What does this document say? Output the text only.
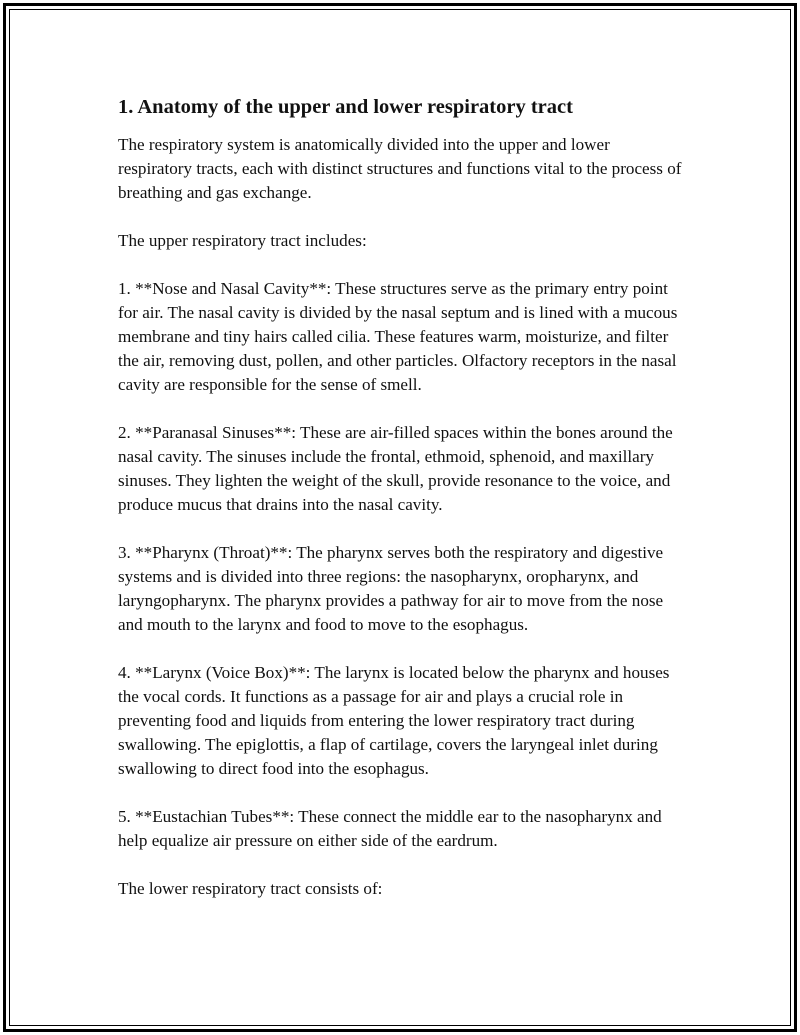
1. Anatomy of the upper and lower respiratory tract

The respiratory system is anatomically divided into the upper and lower respiratory tracts, each with distinct structures and functions vital to the process of breathing and gas exchange.

The upper respiratory tract includes:

1. **Nose and Nasal Cavity**: These structures serve as the primary entry point for air. The nasal cavity is divided by the nasal septum and is lined with a mucous membrane and tiny hairs called cilia. These features warm, moisturize, and filter the air, removing dust, pollen, and other particles. Olfactory receptors in the nasal cavity are responsible for the sense of smell.

2. **Paranasal Sinuses**: These are air-filled spaces within the bones around the nasal cavity. The sinuses include the frontal, ethmoid, sphenoid, and maxillary sinuses. They lighten the weight of the skull, provide resonance to the voice, and produce mucus that drains into the nasal cavity.

3. **Pharynx (Throat)**: The pharynx serves both the respiratory and digestive systems and is divided into three regions: the nasopharynx, oropharynx, and laryngopharynx. The pharynx provides a pathway for air to move from the nose and mouth to the larynx and food to move to the esophagus.

4. **Larynx (Voice Box)**: The larynx is located below the pharynx and houses the vocal cords. It functions as a passage for air and plays a crucial role in preventing food and liquids from entering the lower respiratory tract during swallowing. The epiglottis, a flap of cartilage, covers the laryngeal inlet during swallowing to direct food into the esophagus.

5. **Eustachian Tubes**: These connect the middle ear to the nasopharynx and help equalize air pressure on either side of the eardrum.

The lower respiratory tract consists of:
